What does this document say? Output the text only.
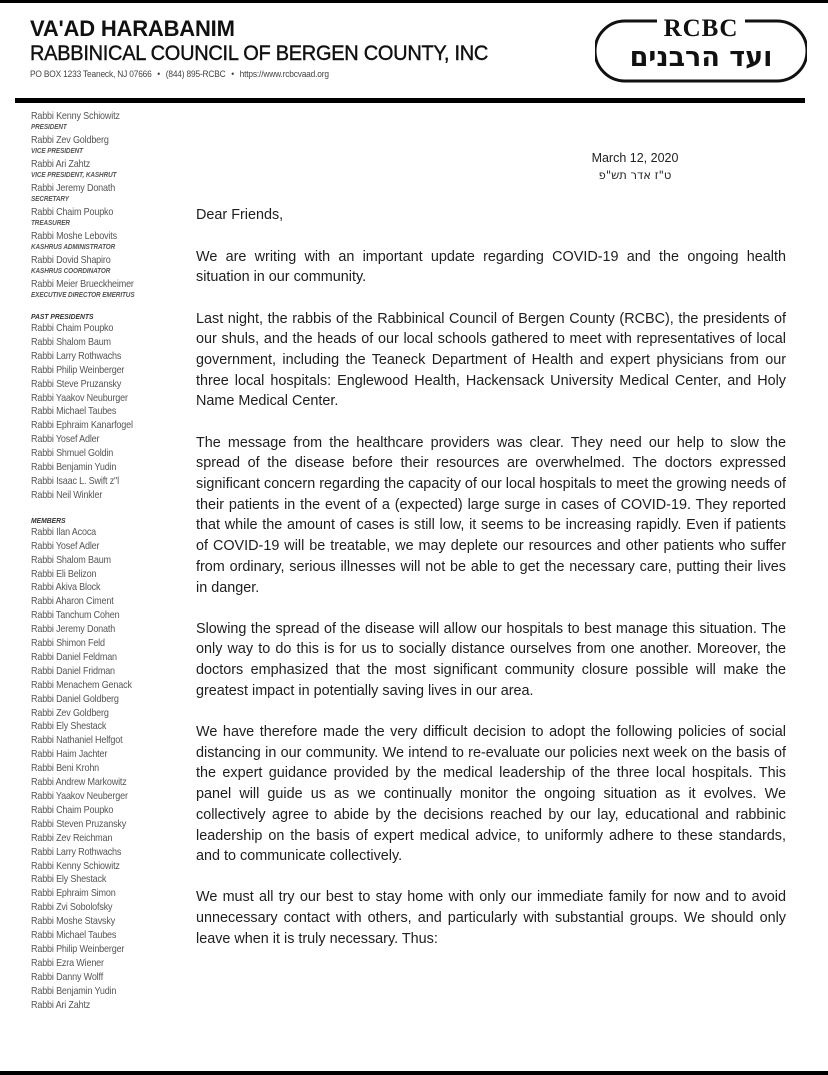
VA'AD HARABANIM
RABBINICAL COUNCIL OF BERGEN COUNTY, INC
PO BOX 1233 Teaneck, NJ 07666 • (844) 895-RCBC • https://www.rcbcvaad.org
RCBC
ועד הרבנים
Rabbi Kenny Schiowitz
PRESIDENT
Rabbi Zev Goldberg
VICE PRESIDENT
Rabbi Ari Zahtz
VICE PRESIDENT, KASHRUT
Rabbi Jeremy Donath
SECRETARY
Rabbi Chaim Poupko
TREASURER
Rabbi Moshe Lebovits
KASHRUS ADMINISTRATOR
Rabbi Dovid Shapiro
KASHRUS COORDINATOR
Rabbi Meier Brueckheimer
EXECUTIVE DIRECTOR EMERITUS
PAST PRESIDENTS
Rabbi Chaim Poupko
Rabbi Shalom Baum
Rabbi Larry Rothwachs
Rabbi Philip Weinberger
Rabbi Steve Pruzansky
Rabbi Yaakov Neuburger
Rabbi Michael Taubes
Rabbi Ephraim Kanarfogel
Rabbi Yosef Adler
Rabbi Shmuel Goldin
Rabbi Benjamin Yudin
Rabbi Isaac L. Swift z"l
Rabbi Neil Winkler
MEMBERS
Rabbi Ilan Acoca
Rabbi Yosef Adler
Rabbi Shalom Baum
Rabbi Eli Belizon
Rabbi Akiva Block
Rabbi Aharon Ciment
Rabbi Tanchum Cohen
Rabbi Jeremy Donath
Rabbi Shimon Feld
Rabbi Daniel Feldman
Rabbi Daniel Fridman
Rabbi Menachem Genack
Rabbi Daniel Goldberg
Rabbi Zev Goldberg
Rabbi Ely Shestack
Rabbi Nathaniel Helfgot
Rabbi Haim Jachter
Rabbi Beni Krohn
Rabbi Andrew Markowitz
Rabbi Yaakov Neuberger
Rabbi Chaim Poupko
Rabbi Steven Pruzansky
Rabbi Zev Reichman
Rabbi Larry Rothwachs
Rabbi Kenny Schiowitz
Rabbi Ely Shestack
Rabbi Ephraim Simon
Rabbi Zvi Sobolofsky
Rabbi Moshe Stavsky
Rabbi Michael Taubes
Rabbi Philip Weinberger
Rabbi Ezra Wiener
Rabbi Danny Wolff
Rabbi Benjamin Yudin
Rabbi Ari Zahtz
March 12, 2020
ט"ז אדר תש"פ

Dear Friends,

We are writing with an important update regarding COVID-19 and the ongoing health situation in our community.

Last night, the rabbis of the Rabbinical Council of Bergen County (RCBC), the presidents of our shuls, and the heads of our local schools gathered to meet with representatives of local government, including the Teaneck Department of Health and expert physicians from our three local hospitals: Englewood Health, Hackensack University Medical Center, and Holy Name Medical Center.

The message from the healthcare providers was clear. They need our help to slow the spread of the disease before their resources are overwhelmed. The doctors expressed significant concern regarding the capacity of our local hospitals to meet the growing needs of their patients in the event of a (expected) large surge in cases of COVID-19. They reported that while the amount of cases is still low, it seems to be increasing rapidly. Even if patients of COVID-19 will be treatable, we may deplete our resources and other patients who suffer from ordinary, serious illnesses will not be able to get the necessary care, putting their lives in danger.

Slowing the spread of the disease will allow our hospitals to best manage this situation. The only way to do this is for us to socially distance ourselves from one another. Moreover, the doctors emphasized that the most significant community closure possible will make the greatest impact in potentially saving lives in our area.

We have therefore made the very difficult decision to adopt the following policies of social distancing in our community. We intend to re-evaluate our policies next week on the basis of the expert guidance provided by the medical leadership of the three local hospitals. This panel will guide us as we continually monitor the ongoing situation as it evolves. We collectively agree to abide by the decisions reached by our lay, educational and rabbinic leadership on the basis of expert medical advice, to uniformly adhere to these standards, and to communicate collectively.

We must all try our best to stay home with only our immediate family for now and to avoid unnecessary contact with others, and particularly with substantial groups. We should only leave when it is truly necessary. Thus:
